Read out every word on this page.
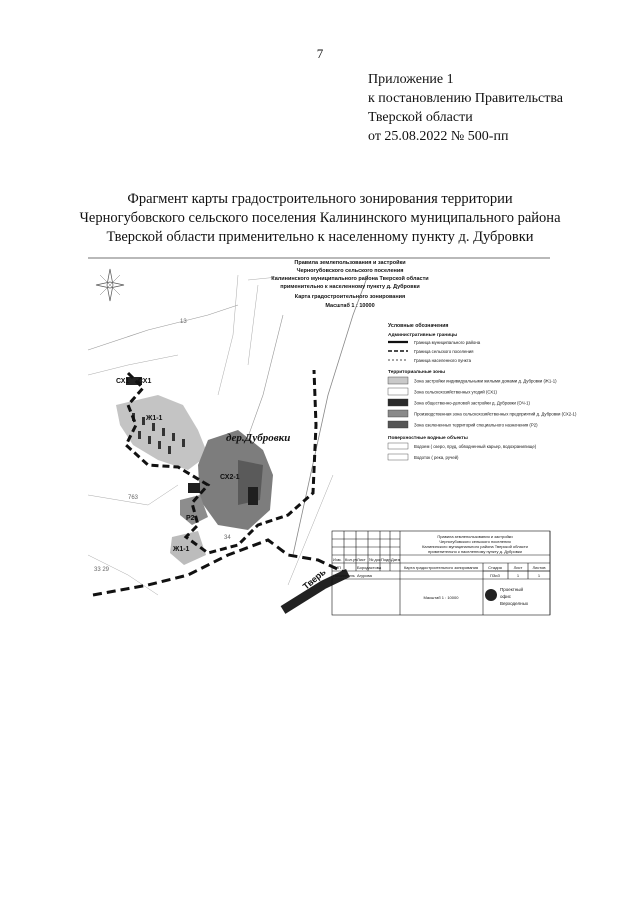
7
Приложение 1
к постановлению Правительства
Тверской области
от 25.08.2022 № 500-пп
Фрагмент карты градостроительного зонирования территории
Черногубовского сельского поселения Калининского муниципального района
Тверской области применительно к населенному пункту д. Дубровки
СХ1 СХ1
Ж1-1
СХ2-1
Р2
Ж1-1
дер.Дубровки
Тверь
13
763
34
33 29
Правила землепользования и застройки
Черногубовского сельского поселения
Калининского муниципального района Тверской области
применительно к населенному пункту д. Дубровки
Карта градостроительного зонирования
Масштаб 1 : 10000
Условные обозначения
Административные границы
Граница муниципального района
Граница сельского поселения
Граница населенного пункта
Территориальные зоны
Зона застройки индивидуальными жилыми домами д. Дубровки (Ж1-1)
Зона сельскохозяйственных угодий (СХ1)
Зона общественно-деловой застройки д. Дубровки (ОЧ-1)
Производственная зона сельскохозяйственных предприятий д. Дубровки (СХ2-1)
Зона озелененных территорий специального назначения (Р2)
Поверхностные водные объекты
Водоем ( озеро, пруд, обводненный карьер, водохранилище)
Водоток ( река, ручей)
Правила землепользования и застройки
Черногубовского сельского поселения
Калининского муниципального района Тверской области
применительно к населенному пункту д. Дубровки
Изм. Кол.уч Лист № док Подп. Дата
ГИП	Бородастова
Исполнитель Агурова
Карта градостроительного зонирования	Стадия	Лист	Листов
ПЗиЗ	1	1
Масштаб 1 : 10000
Проектный
офис
Верходелных
